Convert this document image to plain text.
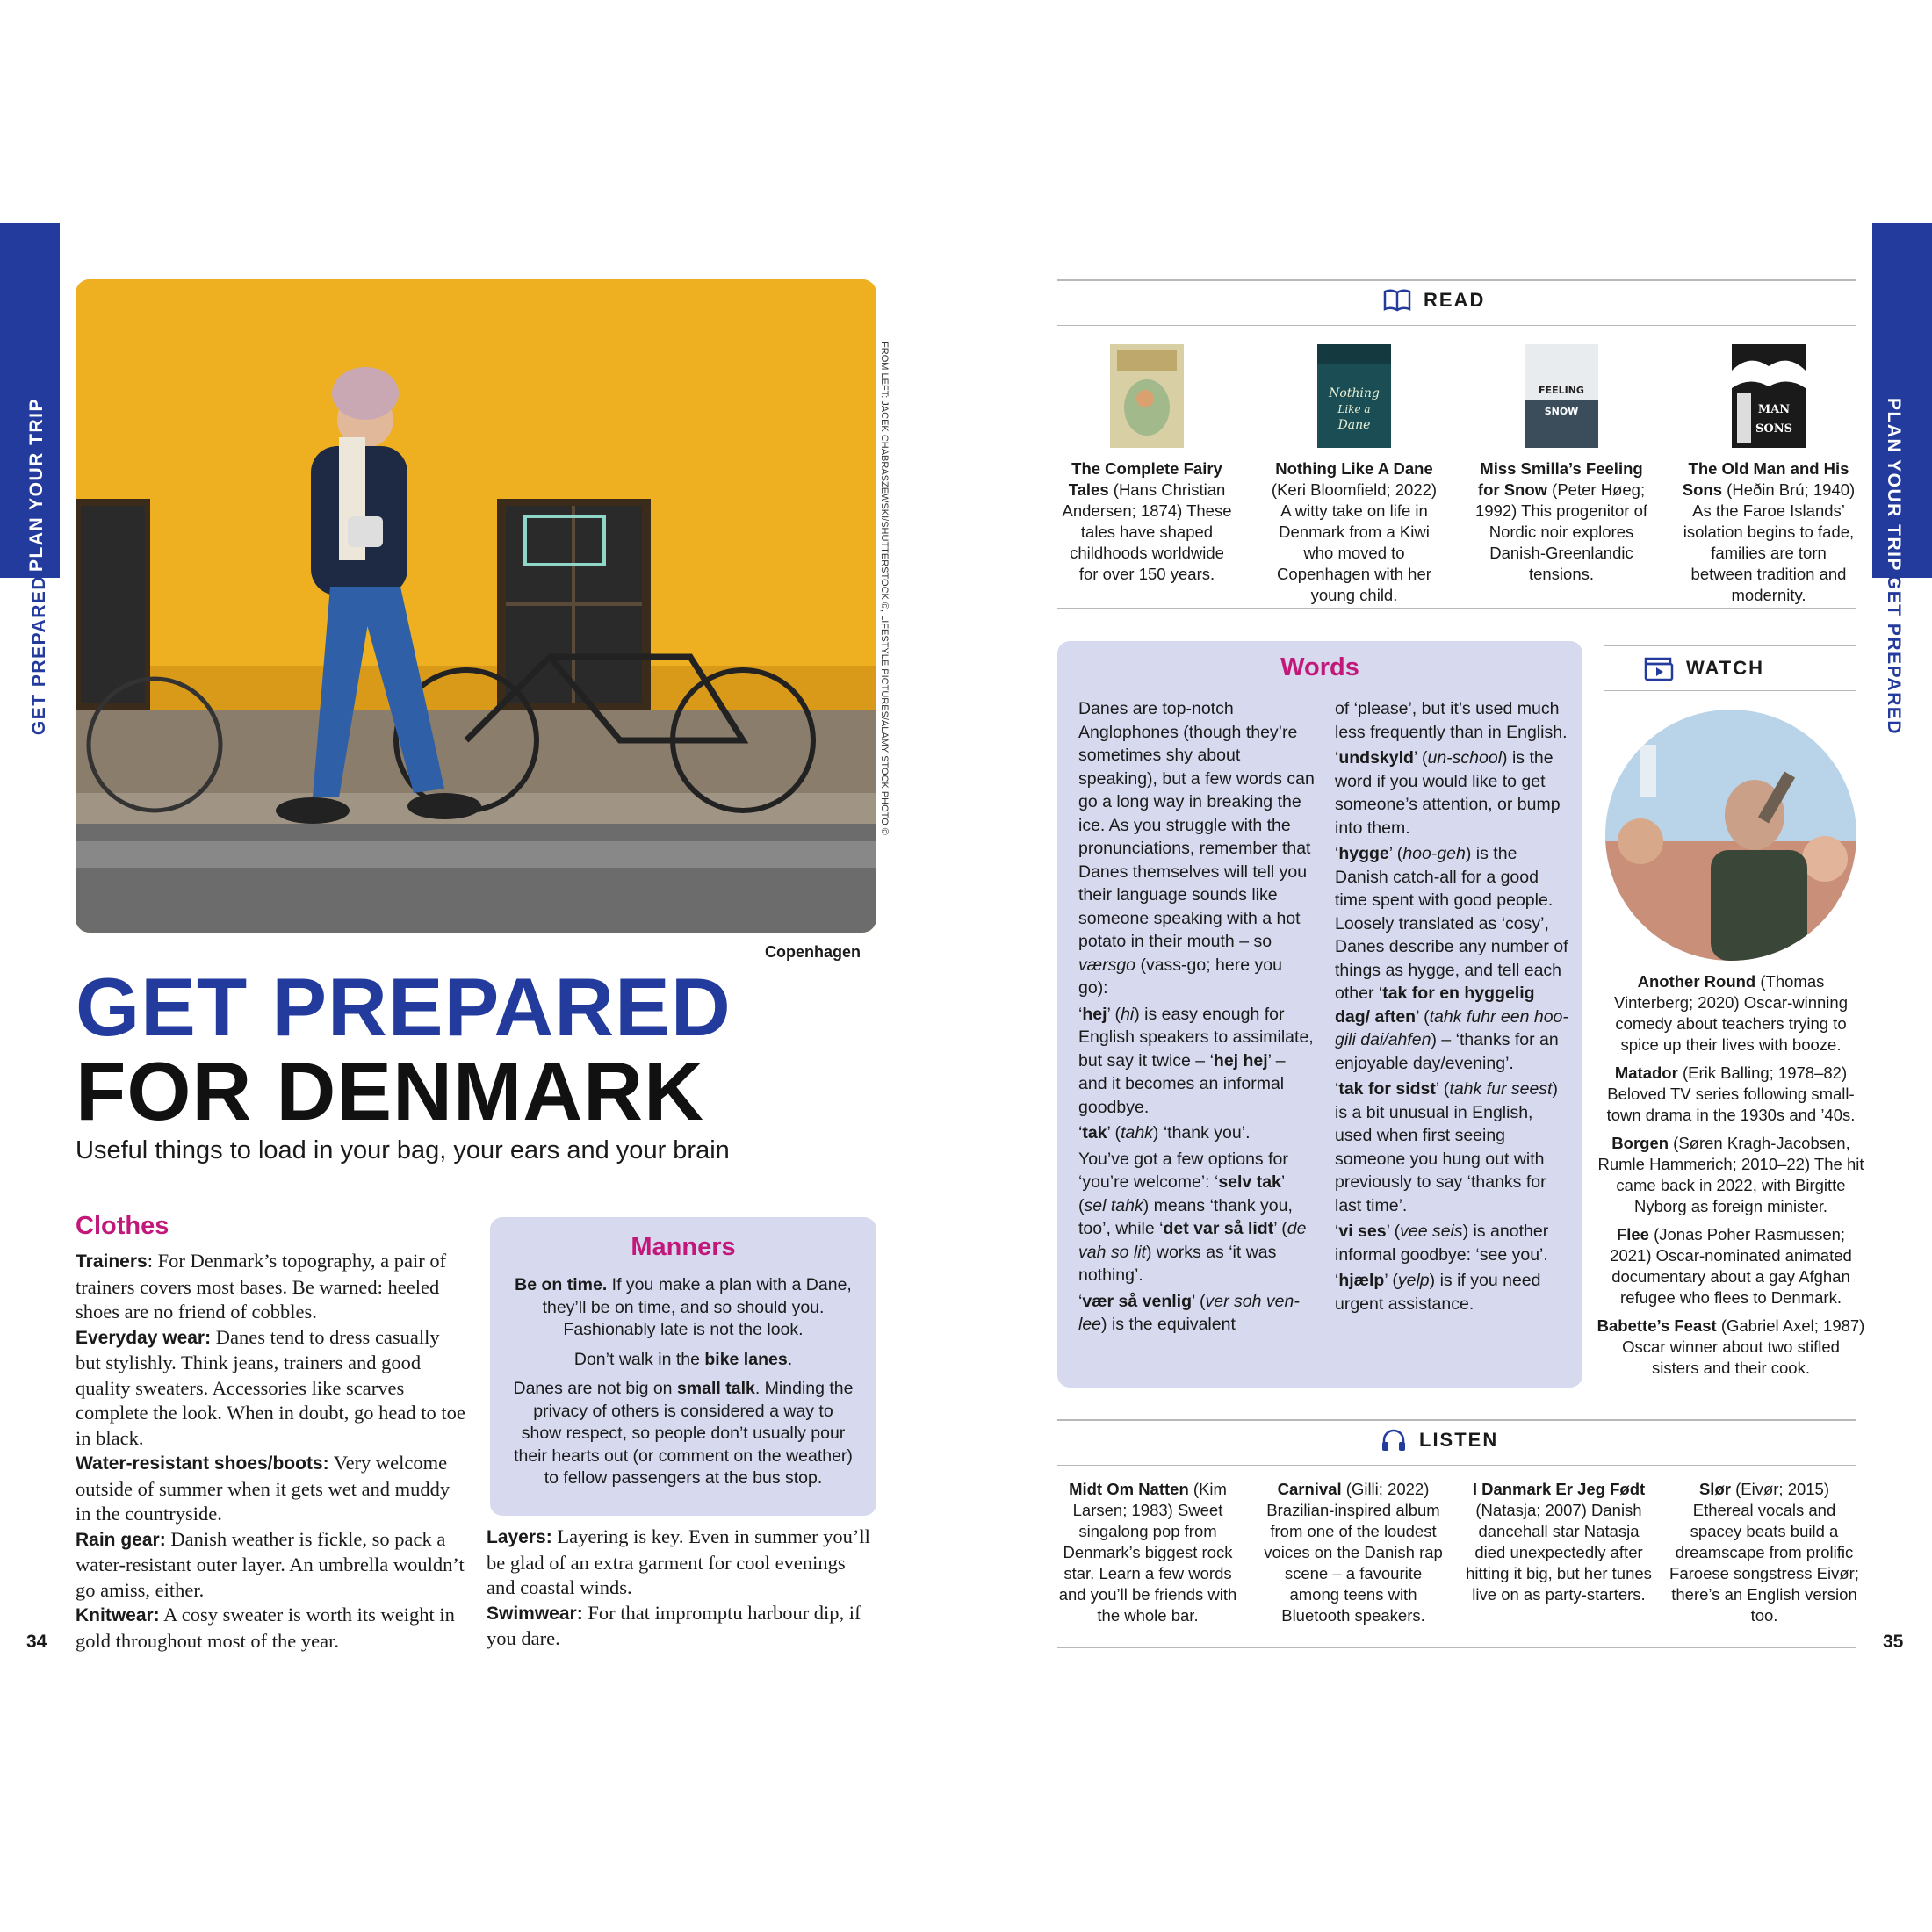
PLAN YOUR TRIP
GET PREPARED
PLAN YOUR TRIP
GET PREPARED
34	35
FROM LEFT: JACEK CHABRASZEWSKI/SHUTTERSTOCK ©, LIFESTYLE PICTURES/ALAMY STOCK PHOTO ©
Copenhagen
GET PREPARED
FOR DENMARK
Useful things to load in your bag, your ears and your brain
Clothes
Trainers: For Denmark’s topography, a pair of trainers covers most bases. Be warned: heeled shoes are no friend of cobbles.
Everyday wear: Danes tend to dress casually but stylishly. Think jeans, trainers and good quality sweaters. Accessories like scarves complete the look. When in doubt, go head to toe in black.
Water-resistant shoes/boots: Very welcome outside of summer when it gets wet and muddy in the countryside.
Rain gear: Danish weather is fickle, so pack a water-resistant outer layer. An umbrella wouldn’t go amiss, either.
Knitwear: A cosy sweater is worth its weight in gold throughout most of the year.
Layers: Layering is key. Even in summer you’ll be glad of an extra garment for cool evenings and coastal winds.
Swimwear: For that impromptu harbour dip, if you dare.
Manners

Be on time. If you make a plan with a Dane, they’ll be on time, and so should you. Fashionably late is not the look.

Don’t walk in the bike lanes.

Danes are not big on small talk. Minding the privacy of others is considered a way to show respect, so people don’t usually pour their hearts out (or comment on the weather) to fellow passengers at the bus stop.

READ
Nothing
Like a
Dane
FEELING
SNOW	MAN
SONS
The Complete Fairy Tales (Hans Christian Andersen; 1874) These tales have shaped childhoods worldwide for over 150 years.
Nothing Like A Dane (Keri Bloomfield; 2022) A witty take on life in Denmark from a Kiwi who moved to Copenhagen with her young child.
Miss Smilla’s Feeling for Snow (Peter Høeg; 1992) This progenitor of Nordic noir explores Danish-Greenlandic tensions.
The Old Man and His Sons (Heðin Brú; 1940) As the Faroe Islands’ isolation begins to fade, families are torn between tradition and modernity.
Words

Danes are top-notch Anglophones (though they’re sometimes shy about speaking), but a few words can go a long way in breaking the ice. As you struggle with the pronunciations, remember that Danes themselves will tell you their language sounds like someone speaking with a hot potato in their mouth – so værsgo (vass-go; here you go):

‘hej’ (hi) is easy enough for English speakers to assimilate, but say it twice – ‘hej hej’ – and it becomes an informal goodbye.

‘tak’ (tahk) ‘thank you’.

You’ve got a few options for ‘you’re welcome’: ‘selv tak’ (sel tahk) means ‘thank you, too’, while ‘det var så lidt’ (de vah so lit) works as ‘it was nothing’.

‘vær så venlig’ (ver soh ven-lee) is the equivalent

of ‘please’, but it’s used much less frequently than in English.

‘undskyld’ (un-school) is the word if you would like to get someone’s attention, or bump into them.

‘hygge’ (hoo-geh) is the Danish catch-all for a good time spent with good people. Loosely translated as ‘cosy’, Danes describe any number of things as hygge, and tell each other ‘tak for en hyggelig dag/ aften’ (tahk fuhr een hoo-gili dai/ahfen) – ‘thanks for an enjoyable day/evening’.

‘tak for sidst’ (tahk fur seest) is a bit unusual in English, used when first seeing someone you hung out with previously to say ‘thanks for last time’.

‘vi ses’ (vee seis) is another informal goodbye: ‘see you’.

‘hjælp’ (yelp) is if you need urgent assistance.

WATCH

Another Round (Thomas Vinterberg; 2020) Oscar-winning comedy about teachers trying to spice up their lives with booze.

Matador (Erik Balling; 1978–82) Beloved TV series following small-town drama in the 1930s and ’40s.

Borgen (Søren Kragh-Jacobsen, Rumle Hammerich; 2010–22) The hit came back in 2022, with Birgitte Nyborg as foreign minister.

Flee (Jonas Poher Rasmussen; 2021) Oscar-nominated animated documentary about a gay Afghan refugee who flees to Denmark.

Babette’s Feast (Gabriel Axel; 1987) Oscar winner about two stifled sisters and their cook.

LISTEN
Midt Om Natten (Kim Larsen; 1983) Sweet singalong pop from Denmark’s biggest rock star. Learn a few words and you’ll be friends with the whole bar.
Carnival (Gilli; 2022) Brazilian-inspired album from one of the loudest voices on the Danish rap scene – a favourite among teens with Bluetooth speakers.
I Danmark Er Jeg Født (Natasja; 2007) Danish dancehall star Natasja died unexpectedly after hitting it big, but her tunes live on as party-starters.
Slør (Eivør; 2015) Ethereal vocals and spacey beats build a dreamscape from prolific Faroese songstress Eivør; there’s an English version too.
